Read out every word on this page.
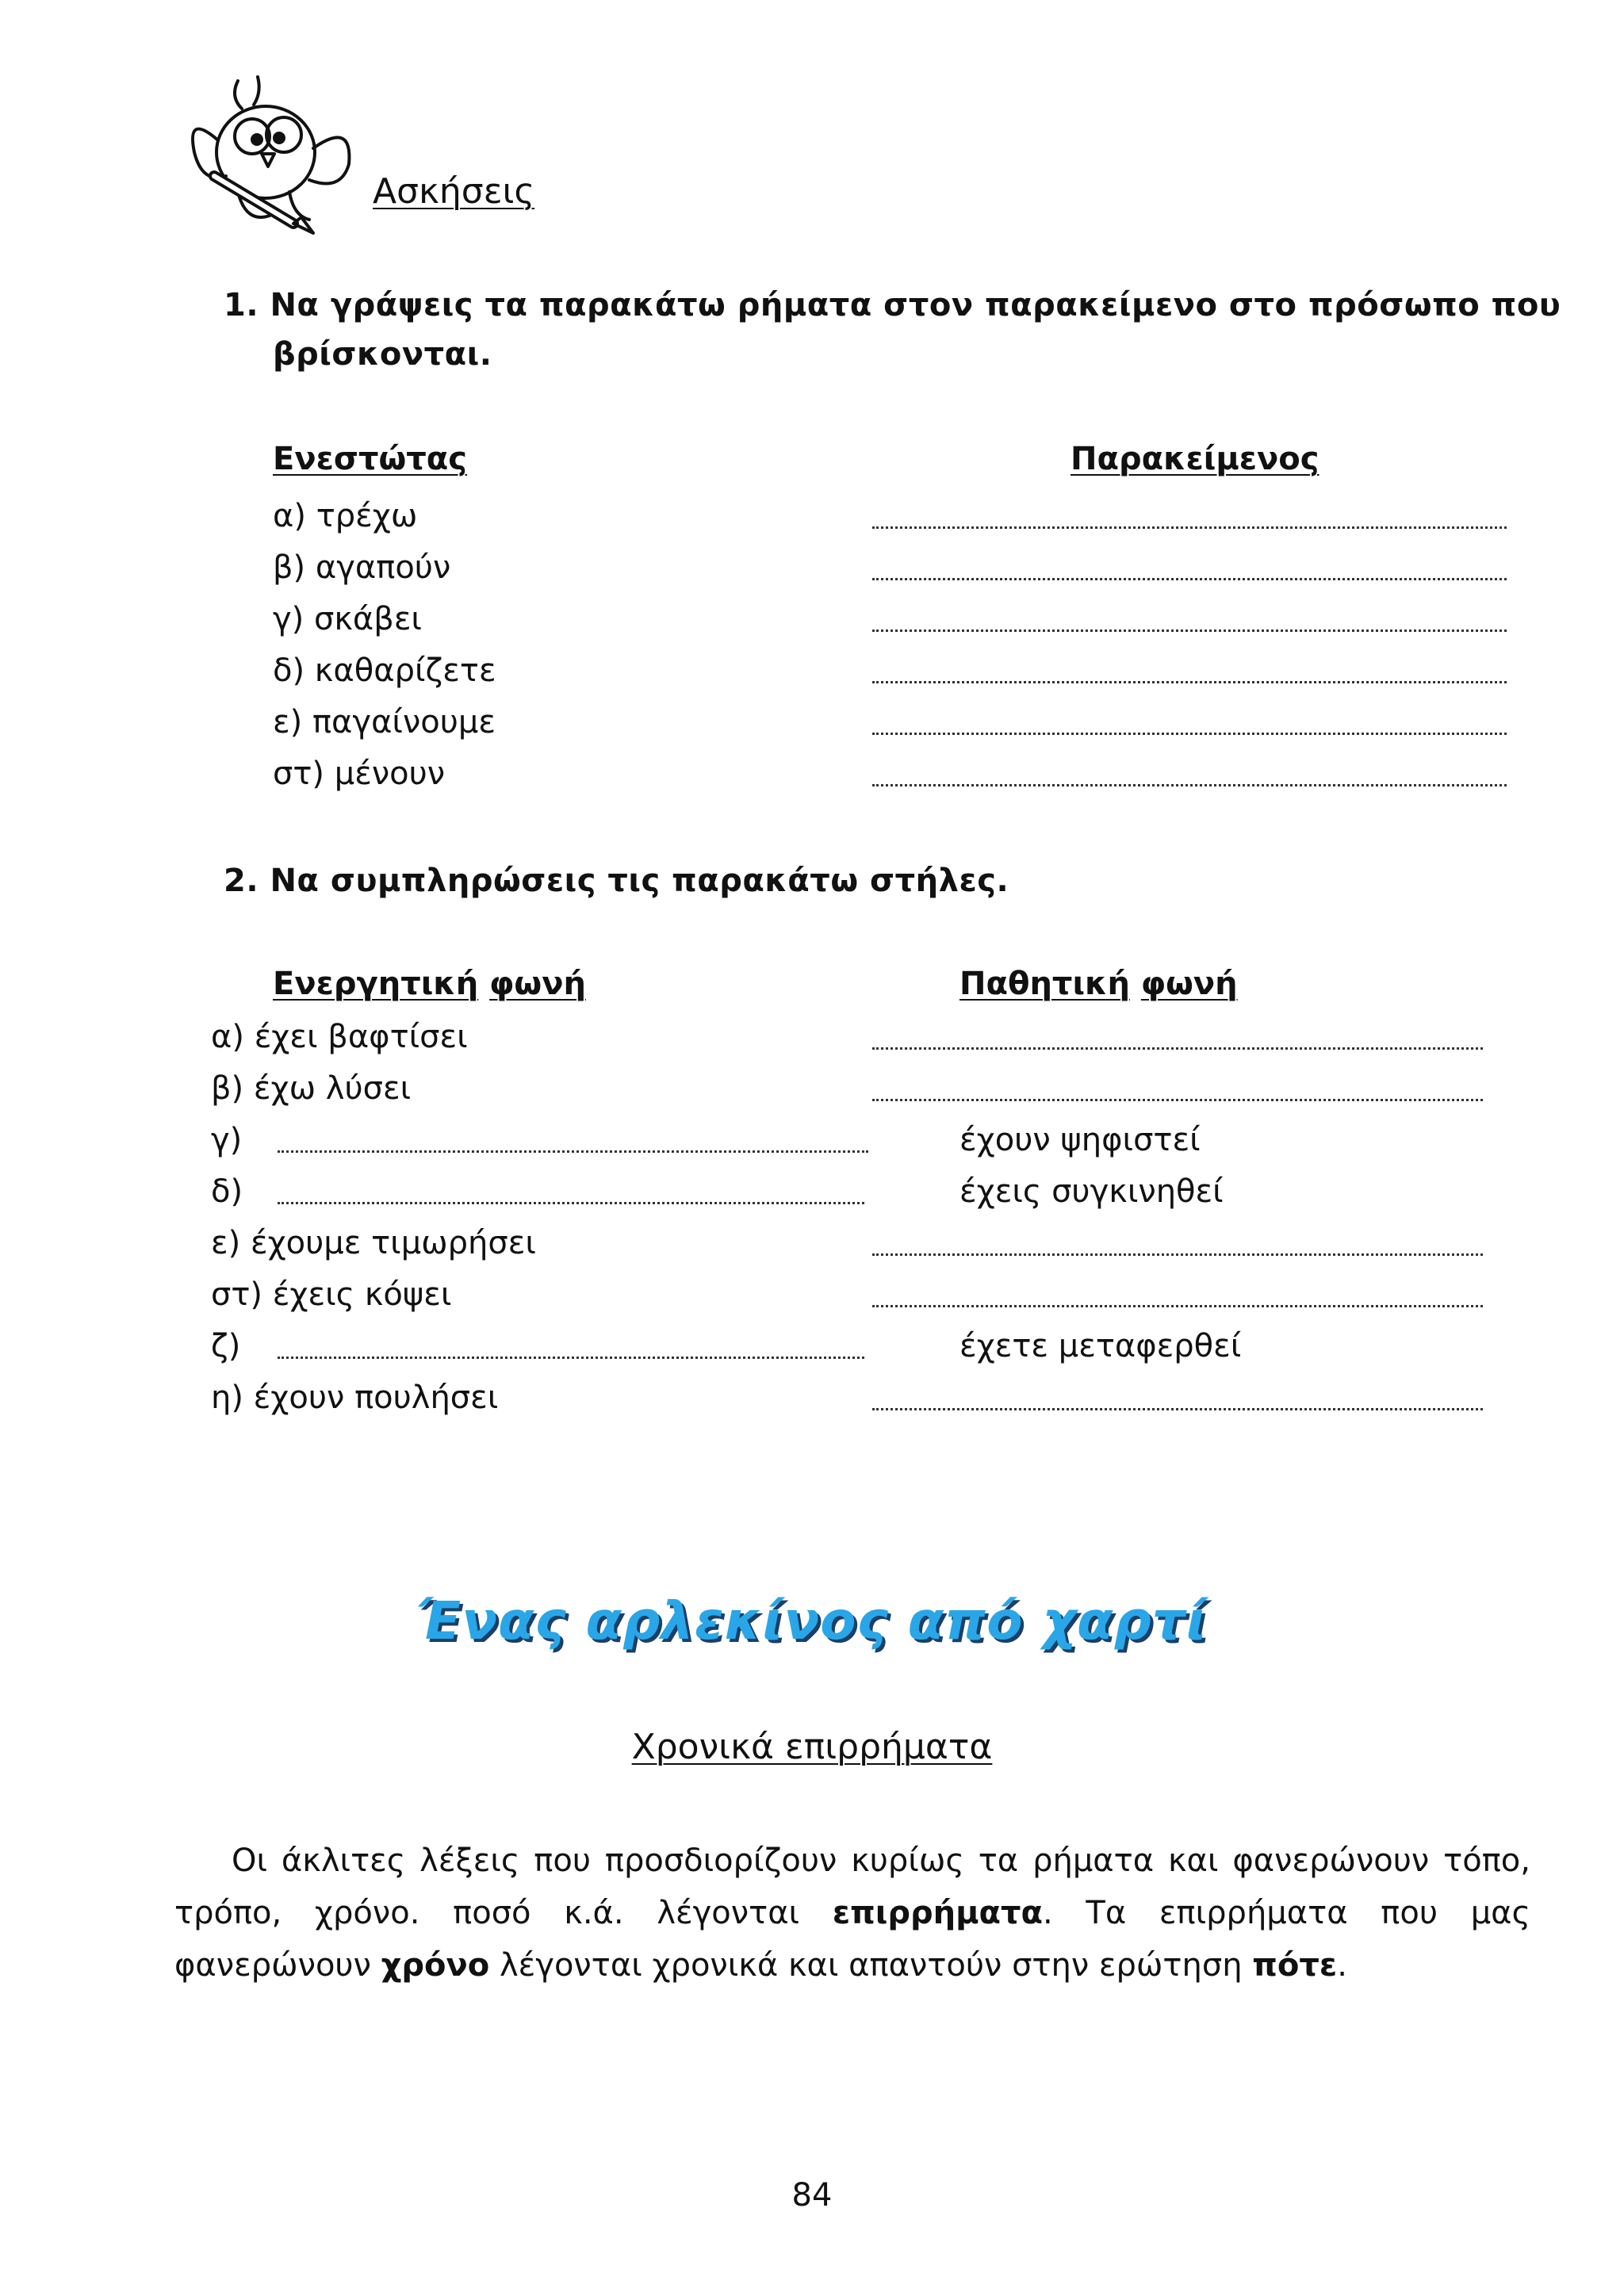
Ασκήσεις
1. Να γράψεις τα παρακάτω ρήματα στον παρακείμενο στο πρόσωπο που
βρίσκονται.
Ενεστώτας	Παρακείμενος
α) τρέχω
β) αγαπούν
γ) σκάβει
δ) καθαρίζετε
ε) παγαίνουμε
στ) μένουν
2. Να συμπληρώσεις τις παρακάτω στήλες.
Ενεργητική φωνή	Παθητική φωνή
α) έχει βαφτίσει
β) έχω λύσει
γ)	έχουν ψηφιστεί
δ)	έχεις συγκινηθεί
ε) έχουμε τιμωρήσει
στ) έχεις κόψει
ζ)	έχετε μεταφερθεί
η) έχουν πουλήσει
Ένας αρλεκίνος από χαρτί
Χρονικά επιρρήματα
Οι άκλιτες λέξεις που προσδιορίζουν κυρίως τα ρήματα και φανερώνουν τόπο,
τρόπο, χρόνο. ποσό κ.ά. λέγονται επιρρήματα. Τα επιρρήματα που μας
φανερώνουν χρόνο λέγονται χρονικά και απαντούν στην ερώτηση πότε.
84
